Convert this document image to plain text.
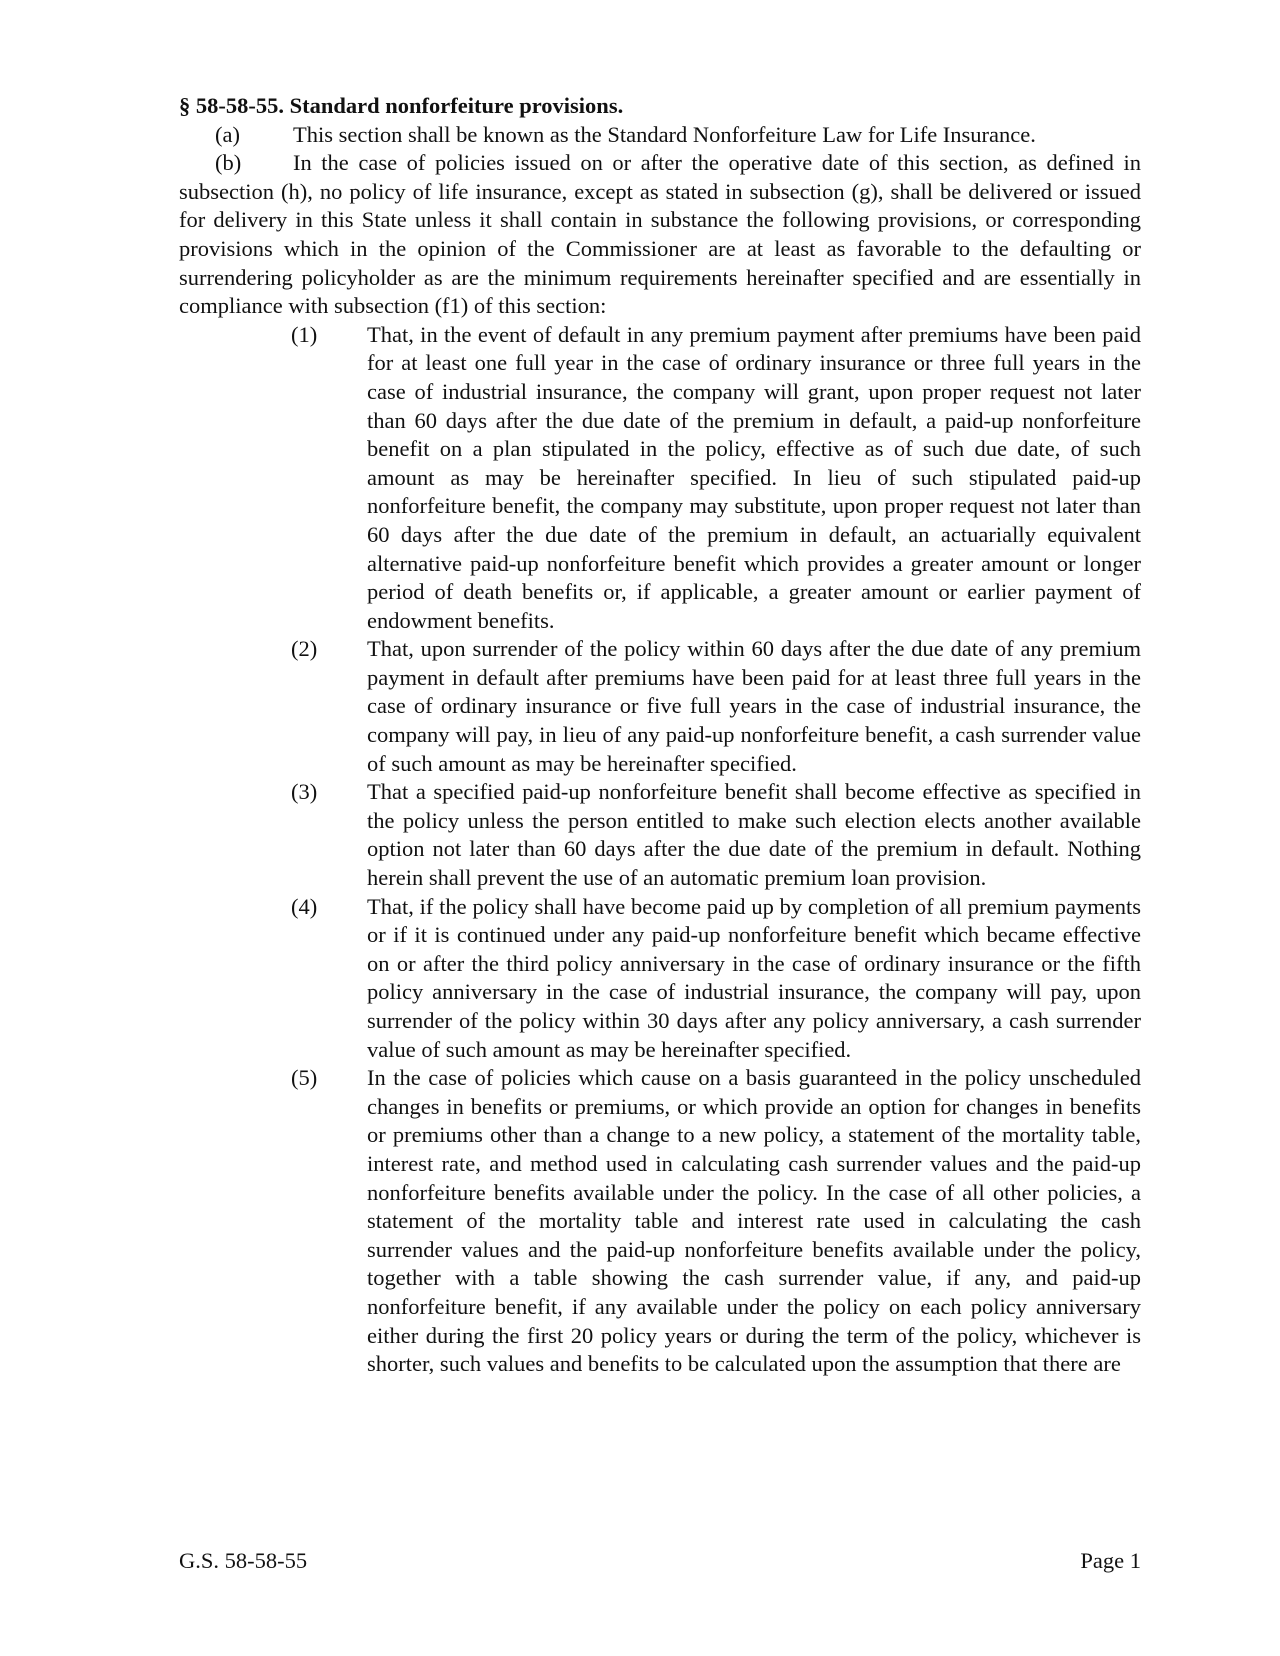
§ 58-58-55. Standard nonforfeiture provisions.

(a) This section shall be known as the Standard Nonforfeiture Law for Life Insurance.

(b) In the case of policies issued on or after the operative date of this section, as defined in subsection (h), no policy of life insurance, except as stated in subsection (g), shall be delivered or issued for delivery in this State unless it shall contain in substance the following provisions, or corresponding provisions which in the opinion of the Commissioner are at least as favorable to the defaulting or surrendering policyholder as are the minimum requirements hereinafter specified and are essentially in compliance with subsection (f1) of this section:

(1) That, in the event of default in any premium payment after premiums have been paid for at least one full year in the case of ordinary insurance or three full years in the case of industrial insurance, the company will grant, upon proper request not later than 60 days after the due date of the premium in default, a paid-up nonforfeiture benefit on a plan stipulated in the policy, effective as of such due date, of such amount as may be hereinafter specified. In lieu of such stipulated paid-up nonforfeiture benefit, the company may substitute, upon proper request not later than 60 days after the due date of the premium in default, an actuarially equivalent alternative paid-up nonforfeiture benefit which provides a greater amount or longer period of death benefits or, if applicable, a greater amount or earlier payment of endowment benefits.

(2) That, upon surrender of the policy within 60 days after the due date of any premium payment in default after premiums have been paid for at least three full years in the case of ordinary insurance or five full years in the case of industrial insurance, the company will pay, in lieu of any paid-up nonforfeiture benefit, a cash surrender value of such amount as may be hereinafter specified.

(3) That a specified paid-up nonforfeiture benefit shall become effective as specified in the policy unless the person entitled to make such election elects another available option not later than 60 days after the due date of the premium in default. Nothing herein shall prevent the use of an automatic premium loan provision.

(4) That, if the policy shall have become paid up by completion of all premium payments or if it is continued under any paid-up nonforfeiture benefit which became effective on or after the third policy anniversary in the case of ordinary insurance or the fifth policy anniversary in the case of industrial insurance, the company will pay, upon surrender of the policy within 30 days after any policy anniversary, a cash surrender value of such amount as may be hereinafter specified.

(5) In the case of policies which cause on a basis guaranteed in the policy unscheduled changes in benefits or premiums, or which provide an option for changes in benefits or premiums other than a change to a new policy, a statement of the mortality table, interest rate, and method used in calculating cash surrender values and the paid-up nonforfeiture benefits available under the policy. In the case of all other policies, a statement of the mortality table and interest rate used in calculating the cash surrender values and the paid-up nonforfeiture benefits available under the policy, together with a table showing the cash surrender value, if any, and paid-up nonforfeiture benefit, if any available under the policy on each policy anniversary either during the first 20 policy years or during the term of the policy, whichever is shorter, such values and benefits to be calculated upon the assumption that there are

G.S. 58-58-55	Page 1
